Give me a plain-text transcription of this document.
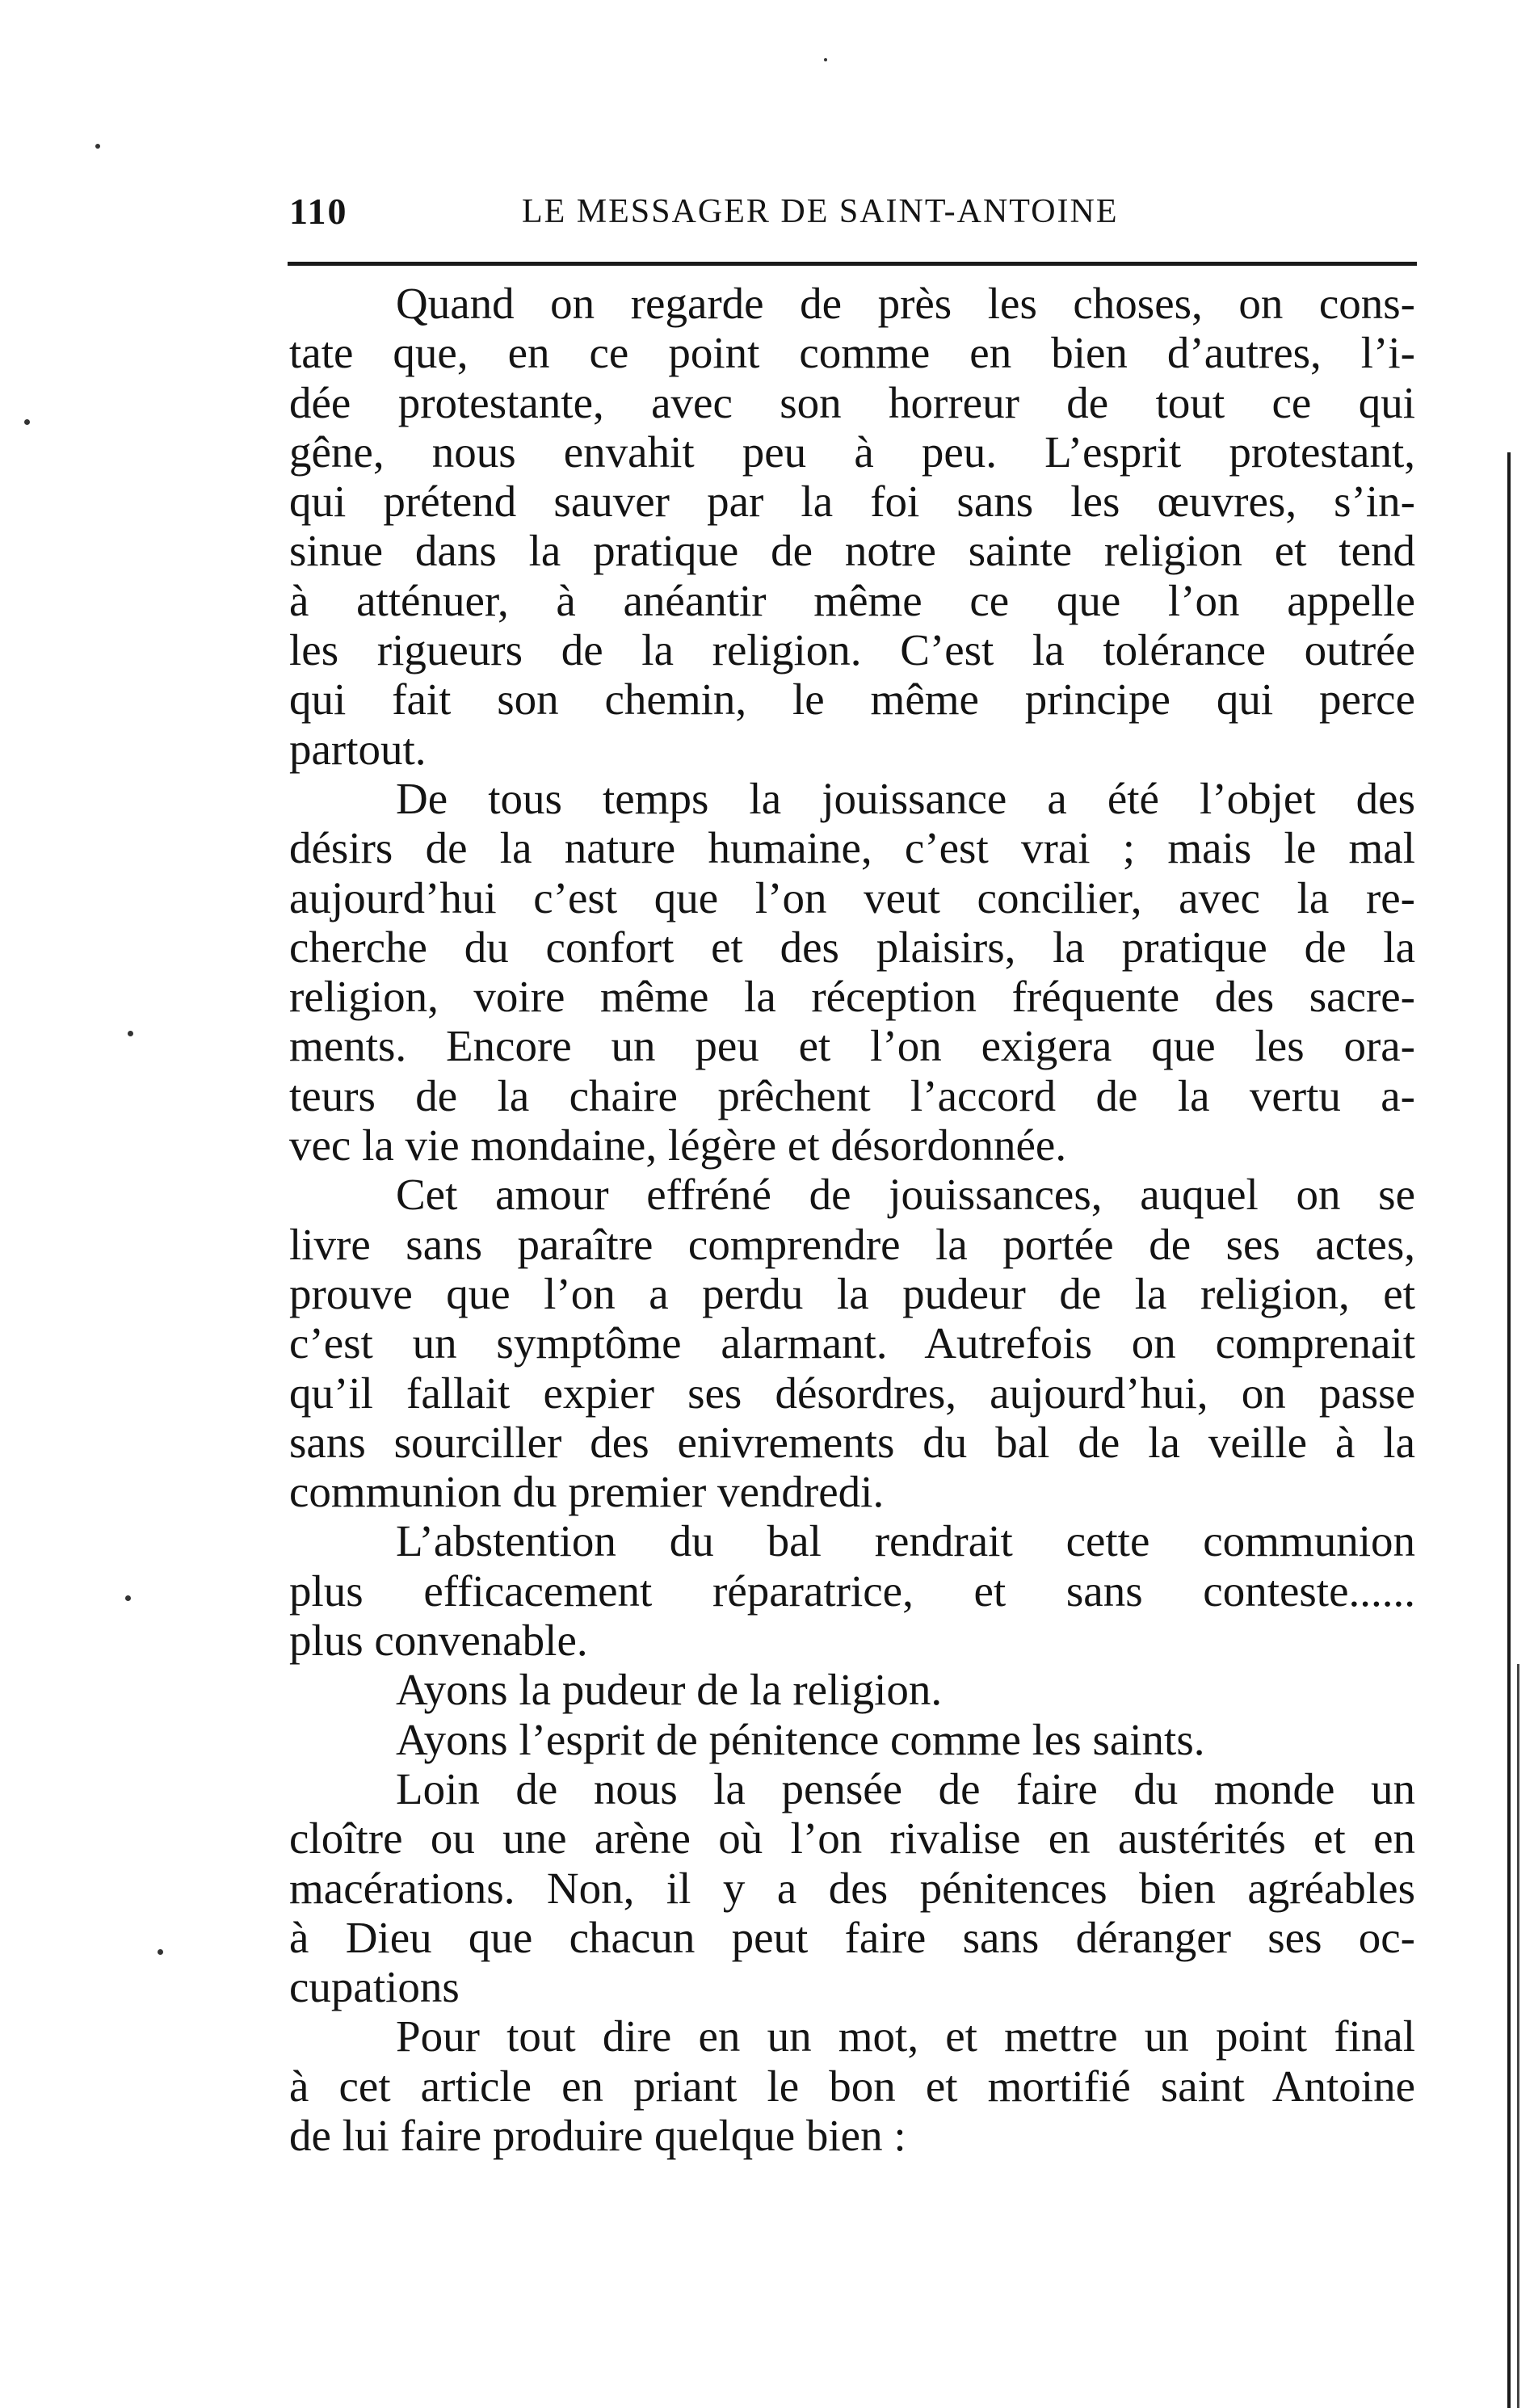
110	LE MESSAGER DE SAINT-ANTOINE
Quand on regarde de près les choses, on cons-
tate que, en ce point comme en bien d’autres, l’i-
dée protestante, avec son horreur de tout ce qui
gêne, nous envahit peu à peu. L’esprit protestant,
qui prétend sauver par la foi sans les œuvres, s’in-
sinue dans la pratique de notre sainte religion et tend
à atténuer, à anéantir même ce que l’on appelle
les rigueurs de la religion. C’est la tolérance outrée
qui fait son chemin, le même principe qui perce
partout.
De tous temps la jouissance a été l’objet des
désirs de la nature humaine, c’est vrai ; mais le mal
aujourd’hui c’est que l’on veut concilier, avec la re-
cherche du confort et des plaisirs, la pratique de la
religion, voire même la réception fréquente des sacre-
ments. Encore un peu et l’on exigera que les ora-
teurs de la chaire prêchent l’accord de la vertu a-
vec la vie mondaine, légère et désordonnée.
Cet amour effréné de jouissances, auquel on se
livre sans paraître comprendre la portée de ses actes,
prouve que l’on a perdu la pudeur de la religion, et
c’est un symptôme alarmant. Autrefois on comprenait
qu’il fallait expier ses désordres, aujourd’hui, on passe
sans sourciller des enivrements du bal de la veille à la
communion du premier vendredi.
L’abstention du bal rendrait cette communion
plus efficacement réparatrice, et sans conteste......
plus convenable.
Ayons la pudeur de la religion.
Ayons l’esprit de pénitence comme les saints.
Loin de nous la pensée de faire du monde un
cloître ou une arène où l’on rivalise en austérités et en
macérations. Non, il y a des pénitences bien agréables
à Dieu que chacun peut faire sans déranger ses oc-
cupations
Pour tout dire en un mot, et mettre un point final
à cet article en priant le bon et mortifié saint Antoine
de lui faire produire quelque bien :
